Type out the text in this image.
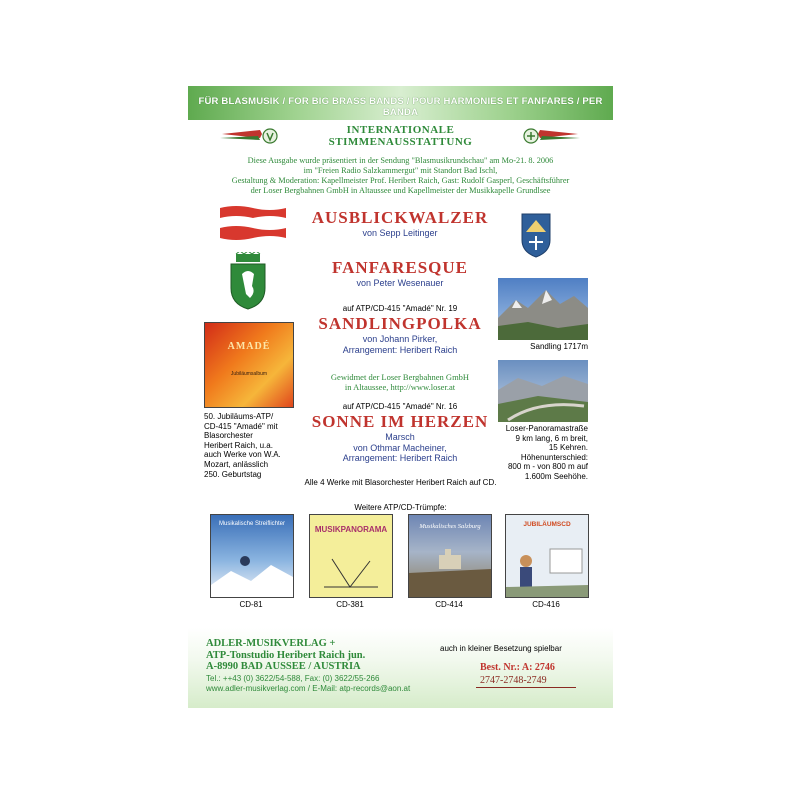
FÜR BLASMUSIK / FOR BIG BRASS BANDS / POUR HARMONIES ET FANFARES / PER BANDA
INTERNATIONALE
STIMMENAUSSTATTUNG
Diese Ausgabe wurde präsentiert in der Sendung "Blasmusikrundschau" am Mo-21. 8. 2006
im "Freien Radio Salzkammergut" mit Standort Bad Ischl,
Gestaltung & Moderation: Kapellmeister Prof. Heribert Raich, Gast: Rudolf Gasperl, Geschäftsführer
der Loser Bergbahnen GmbH in Altaussee und Kapellmeister der Musikkapelle Grundlsee
AUSBLICKWALZER
von Sepp Leitinger
FANFARESQUE
von Peter Wesenauer
auf ATP/CD-415 "Amadé" Nr. 19
SANDLINGPOLKA
von Johann Pirker,
Arrangement: Heribert Raich
Gewidmet der Loser Bergbahnen GmbH
in Altaussee, http://www.loser.at
auf ATP/CD-415 "Amadé" Nr. 16
SONNE IM HERZEN
Marsch
von Othmar Macheiner,
Arrangement: Heribert Raich
Alle 4 Werke mit Blasorchester Heribert Raich auf CD.
AMADÉ
Jubiläumsalbum
50. Jubiläums-ATP/
CD-415 "Amadé" mit
Blasorchester
Heribert Raich, u.a.
auch Werke von W.A.
Mozart, anlässlich
250. Geburtstag
Sandling 1717m
Loser-Panoramastraße
9 km lang, 6 m breit,
15 Kehren.
Höhenunterschied:
800 m - von 800 m auf
1.600m Seehöhe.
Weitere ATP/CD-Trümpfe:
Musikalische Streiflichter
CD-81
MUSIKPANORAMA
CD-381
Musikalisches Salzburg
CD-414
JUBILÄUMSCD
CD-416
ADLER-MUSIKVERLAG +
ATP-Tonstudio Heribert Raich jun.
A-8990 BAD AUSSEE / AUSTRIA
Tel.: ++43 (0) 3622/54-588, Fax: (0) 3622/55-266
www.adler-musikverlag.com / E-Mail: atp-records@aon.at
auch in kleiner Besetzung spielbar
Best. Nr.: A: 2746
2747-2748-2749
